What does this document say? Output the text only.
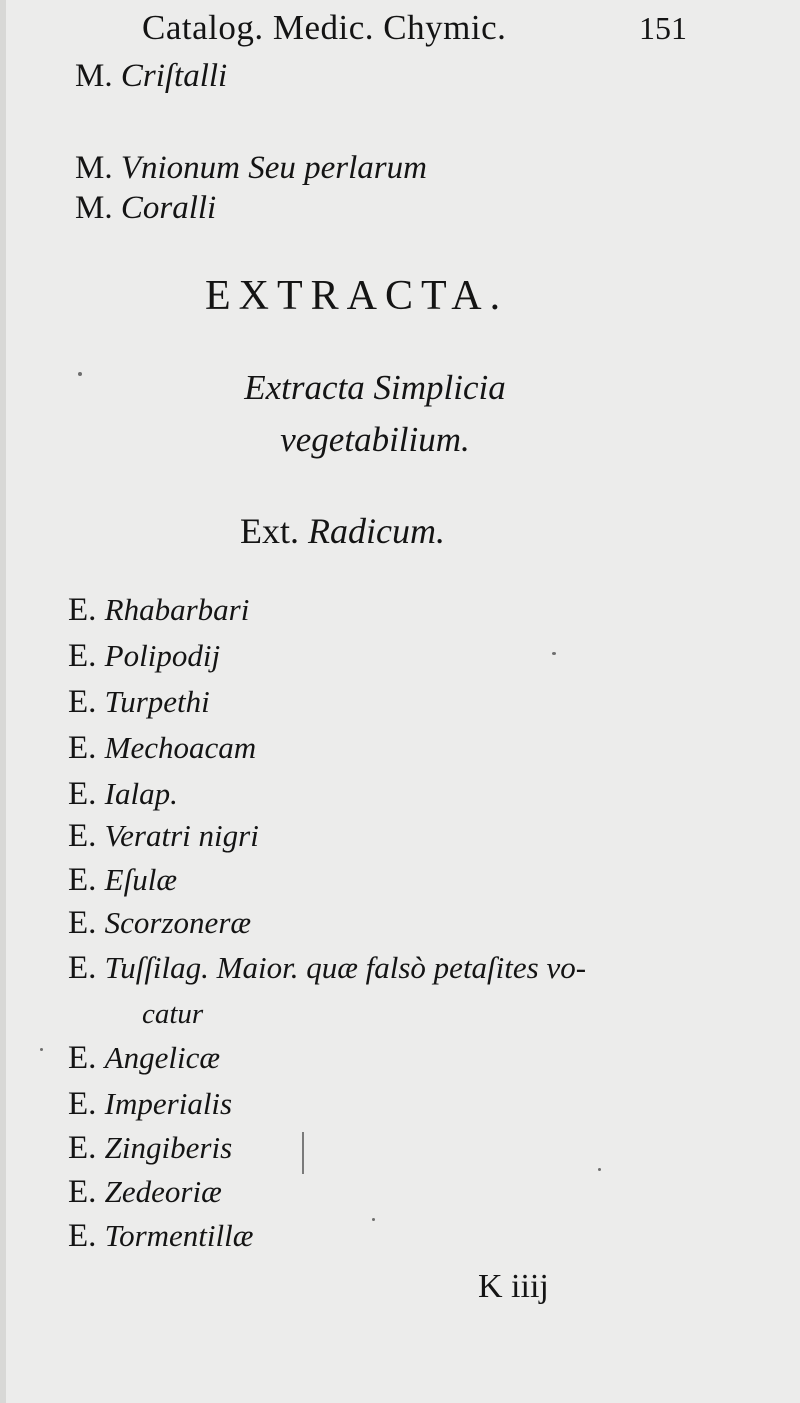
Catalog. Medic. Chymic.	151
M. Criſtalli
M. Vnionum Seu perlarum
M. Coralli
EXTRACTA.
Extracta Simplicia
vegetabilium.
Ext. Radicum.
E. Rhabarbari
E. Polipodij
E. Turpethi
E. Mechoacam
E. Ialap.
E. Veratri nigri
E. Eſulæ
E. Scorzoneræ
E. Tuſſilag. Maior. quæ falsò petaſites vo-
catur
E. Angelicæ
E. Imperialis
E. Zingiberis
E. Zedeoriæ
E. Tormentillæ
K iiij
